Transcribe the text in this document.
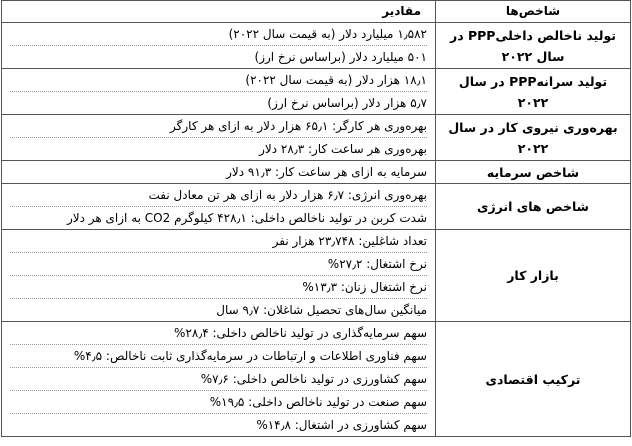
شاخص‌ها	مقادیر
تولید ناخالص داخلیPPP در سال ۲۰۲۲	۱٫۵۸۲ میلیارد دلار (به قیمت سال ۲۰۲۲)
۵۰۱ میلیارد دلار (براساس نرخ ارز)

تولید سرانهPPP در سال ۲۰۲۲	۱۸٫۱ هزار دلار (به قیمت سال ۲۰۲۲)
۵٫۷ هزار دلار (براساس نرخ ارز)

بهره‌وری نیروی کار در سال ۲۰۲۲	بهره‌وری هر کارگر: ۶۵٫۱ هزار دلار به ازای هر کارگر
بهره‌وری هر ساعت کار: ۲۸٫۳ دلار

شاخص سرمایه	سرمایه به ازای هر ساعت کار: ۹۱٫۳ دلار

شاخص های انرژی	بهره‌وری انرژی: ۶٫۷ هزار دلار به ازای هر تن معادل نفت
شدت کربن در تولید ناخالص داخلی: ۴۲۸٫۱ کیلوگرم CO2 به ازای هر دلار

بازار کار	تعداد شاغلین: ۲۳٫۷۴۸ هزار نفر
نرخ اشتغال: ۲۷٫۲%
نرخ اشتغال زنان: ۱۳٫۳%
میانگین سال‌های تحصیل شاغلان: ۹٫۷ سال

ترکیب اقتصادی	سهم سرمایه‌گذاری در تولید ناخالص داخلی: ۲۸٫۴%
سهم فناوری اطلاعات و ارتباطات در سرمایه‌گذاری ثابت ناخالص: ۴٫۵%
سهم کشاورزی در تولید ناخالص داخلی: ۷٫۶%
سهم صنعت در تولید ناخالص داخلی: ۱۹٫۵%
سهم کشاورزی در اشتغال: ۱۴٫۸%
